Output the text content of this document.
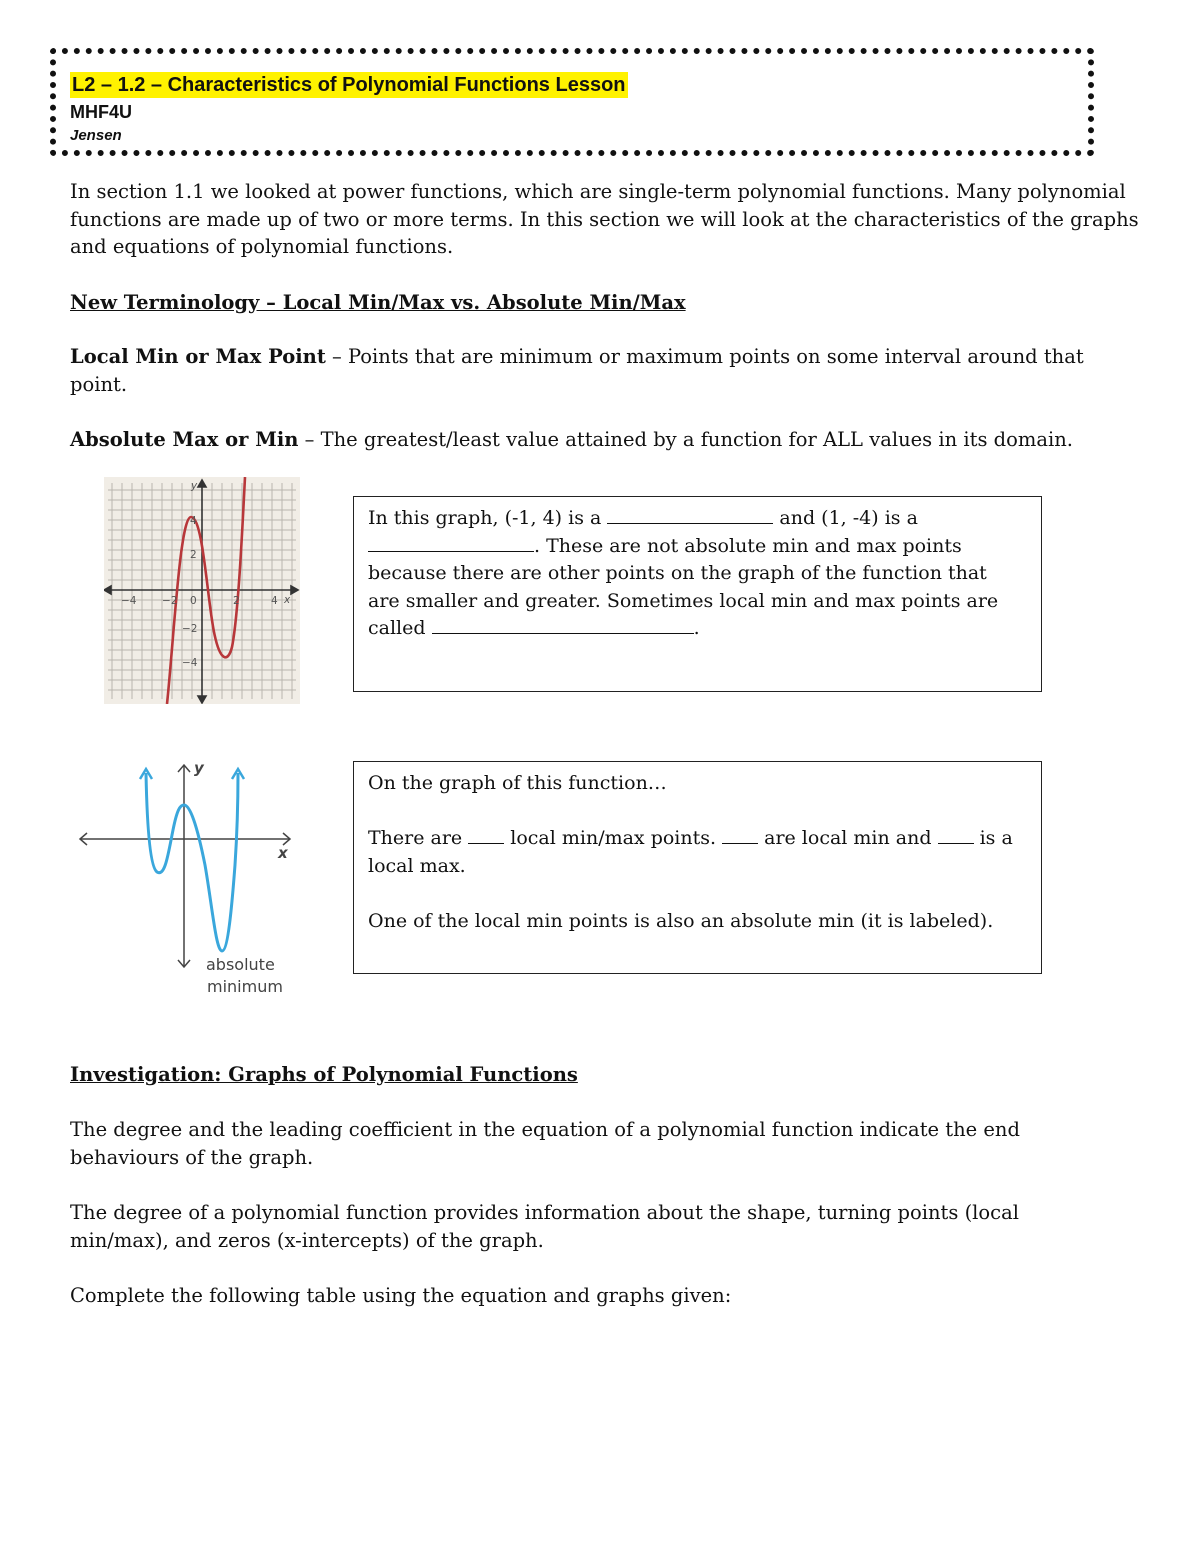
L2 – 1.2 – Characteristics of Polynomial Functions Lesson
MHF4U
Jensen

In section 1.1 we looked at power functions, which are single-term polynomial functions. Many polynomial functions are made up of two or more terms. In this section we will look at the characteristics of the graphs and equations of polynomial functions.

New Terminology – Local Min/Max vs. Absolute Min/Max

Local Min or Max Point – Points that are minimum or maximum points on some interval around that point.

Absolute Max or Min – The greatest/least value attained by a function for ALL values in its domain.

y
x
−4 −2 0	2	4
4
2
−2
−4

In this graph, (-1, 4) is a	and (1, -4) is a

. These are not absolute min and max points

because there are other points on the graph of the function that

are smaller and greater. Sometimes local min and max points are

called	.

y
x
absolute
minimum

On the graph of this function…

There are  local min/max points.  are local min and  is a

local max.

One of the local min points is also an absolute min (it is labeled).

Investigation: Graphs of Polynomial Functions

The degree and the leading coefficient in the equation of a polynomial function indicate the end behaviours of the graph.

The degree of a polynomial function provides information about the shape, turning points (local min/max), and zeros (x-intercepts) of the graph.

Complete the following table using the equation and graphs given:
